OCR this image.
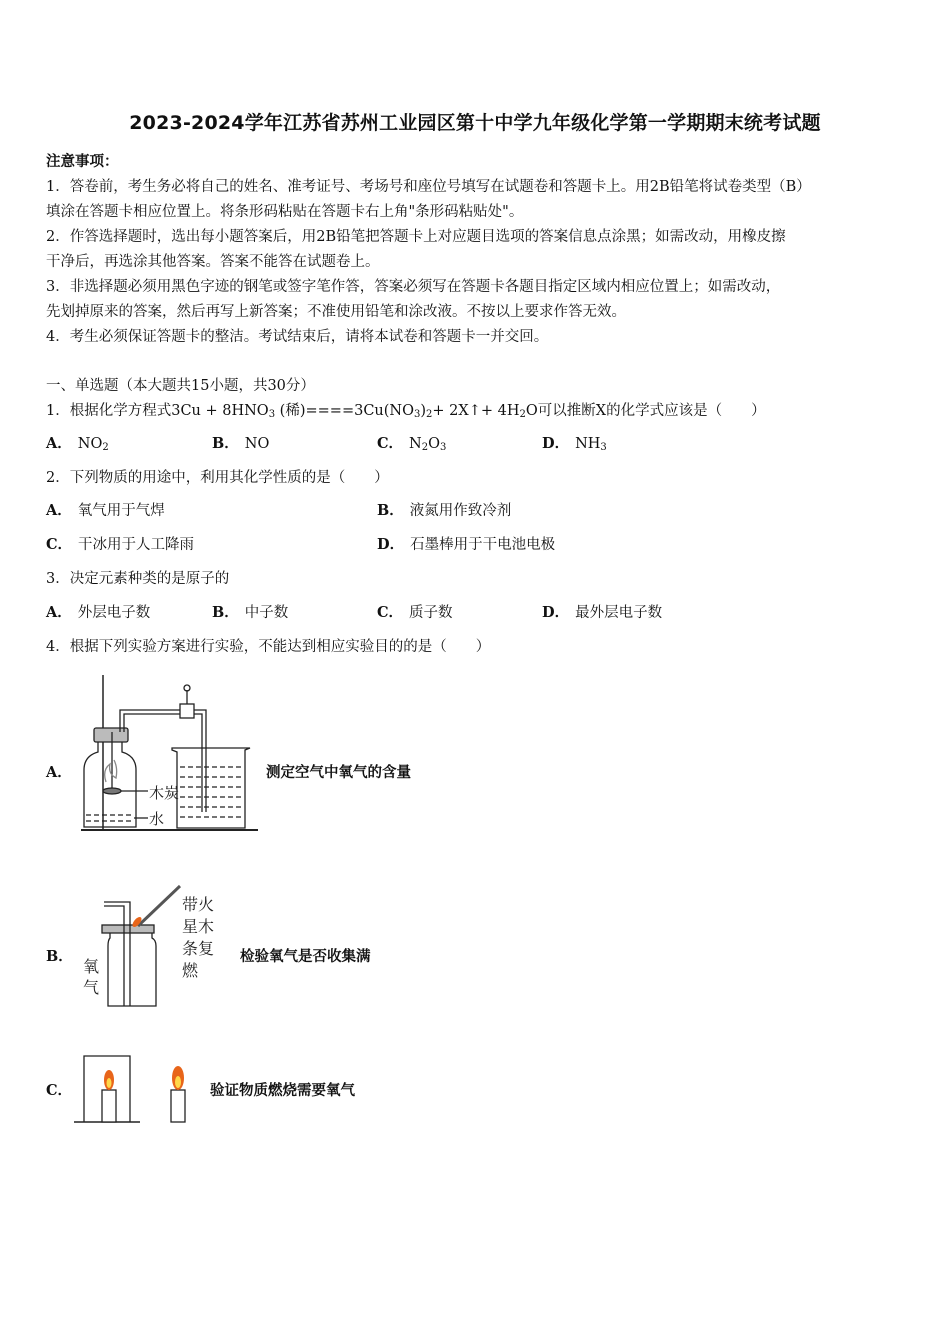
2023-2024学年江苏省苏州工业园区第十中学九年级化学第一学期期末统考试题
注意事项：
1．答卷前，考生务必将自己的姓名、准考证号、考场号和座位号填写在试题卷和答题卡上。用2B铅笔将试卷类型（B）
填涂在答题卡相应位置上。将条形码粘贴在答题卡右上角"条形码粘贴处"。
2．作答选择题时，选出每小题答案后，用2B铅笔把答题卡上对应题目选项的答案信息点涂黑；如需改动，用橡皮擦
干净后，再选涂其他答案。答案不能答在试题卷上。
3．非选择题必须用黑色字迹的钢笔或签字笔作答，答案必须写在答题卡各题目指定区域内相应位置上；如需改动，
先划掉原来的答案，然后再写上新答案；不准使用铅笔和涂改液。不按以上要求作答无效。
4．考生必须保证答题卡的整洁。考试结束后，请将本试卷和答题卡一并交回。
一、单选题（本大题共15小题，共30分）
1．根据化学方程式$3Cu + 8HNO_3$ (稀)$====3Cu(NO_3)_2+$ 2X↑+ $4H_2O$可以推断X的化学式应该是（　　）
A． $NO_2$	B． NO	C． $N_2O_3$	D． $NH_3$
2．下列物质的用途中，利用其化学性质的是（　　）
A． 氧气用于气焊	B． 液氮用作致冷剂
C． 干冰用于人工降雨	D． 石墨棒用于干电池电极
3．决定元素种类的是原子的
A． 外层电子数	B． 中子数	C． 质子数	D． 最外层电子数
4．根据下列实验方案进行实验，不能达到相应实验目的的是（　　）
A．
木炭
水
测定空气中氧气的含量
B．
带火
星木
条复
燃
氧
气
检验氧气是否收集满
C．	验证物质燃烧需要氧气
